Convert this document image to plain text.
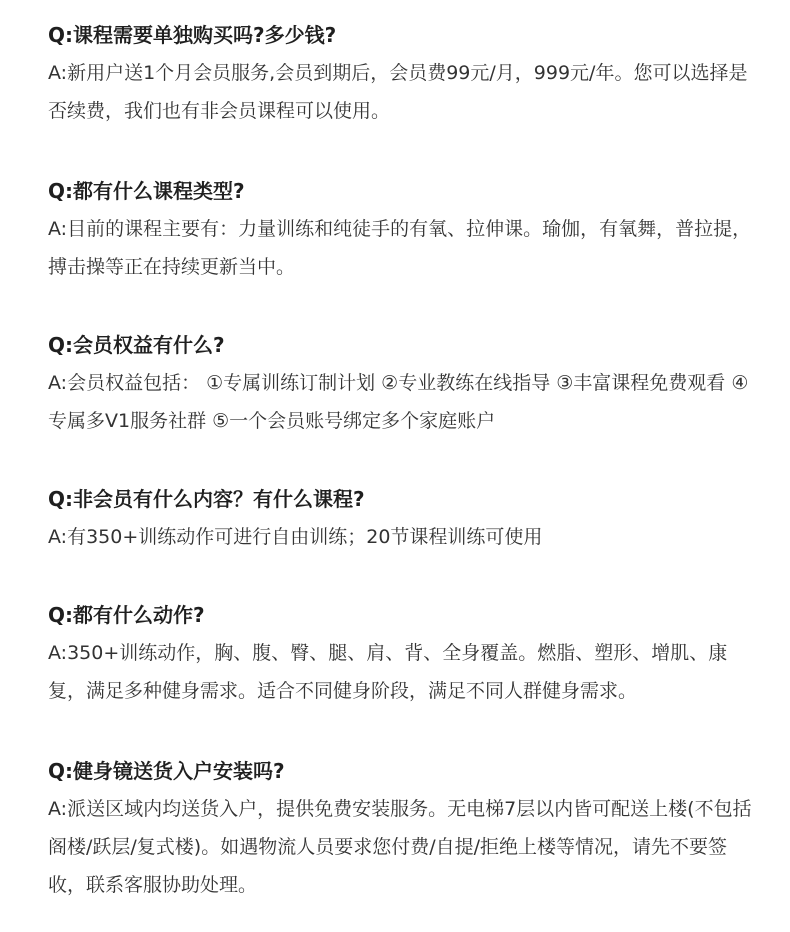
Q:课程需要单独购买吗?多少钱?

A:新用户送1个月会员服务,会员到期后，会员费99元/月，999元/年。您可以选择是否续费，我们也有非会员课程可以使用。

Q:都有什么课程类型?

A:目前的课程主要有：力量训练和纯徒手的有氧、拉伸课。瑜伽，有氧舞，普拉提，搏击操等正在持续更新当中。

Q:会员权益有什么?

A:会员权益包括： ①专属训练订制计划 ②专业教练在线指导 ③丰富课程免费观看 ④专属多V1服务社群 ⑤一个会员账号绑定多个家庭账户

Q:非会员有什么内容？有什么课程?

A:有350+训练动作可进行自由训练；20节课程训练可使用

Q:都有什么动作?

A:350+训练动作，胸、腹、臀、腿、肩、背、全身覆盖。燃脂、塑形、增肌、康复，满足多种健身需求。适合不同健身阶段，满足不同人群健身需求。

Q:健身镜送货入户安装吗?

A:派送区域内均送货入户，提供免费安装服务。无电梯7层以内皆可配送上楼(不包括阁楼/跃层/复式楼)。如遇物流人员要求您付费/自提/拒绝上楼等情况，请先不要签收，联系客服协助处理。
